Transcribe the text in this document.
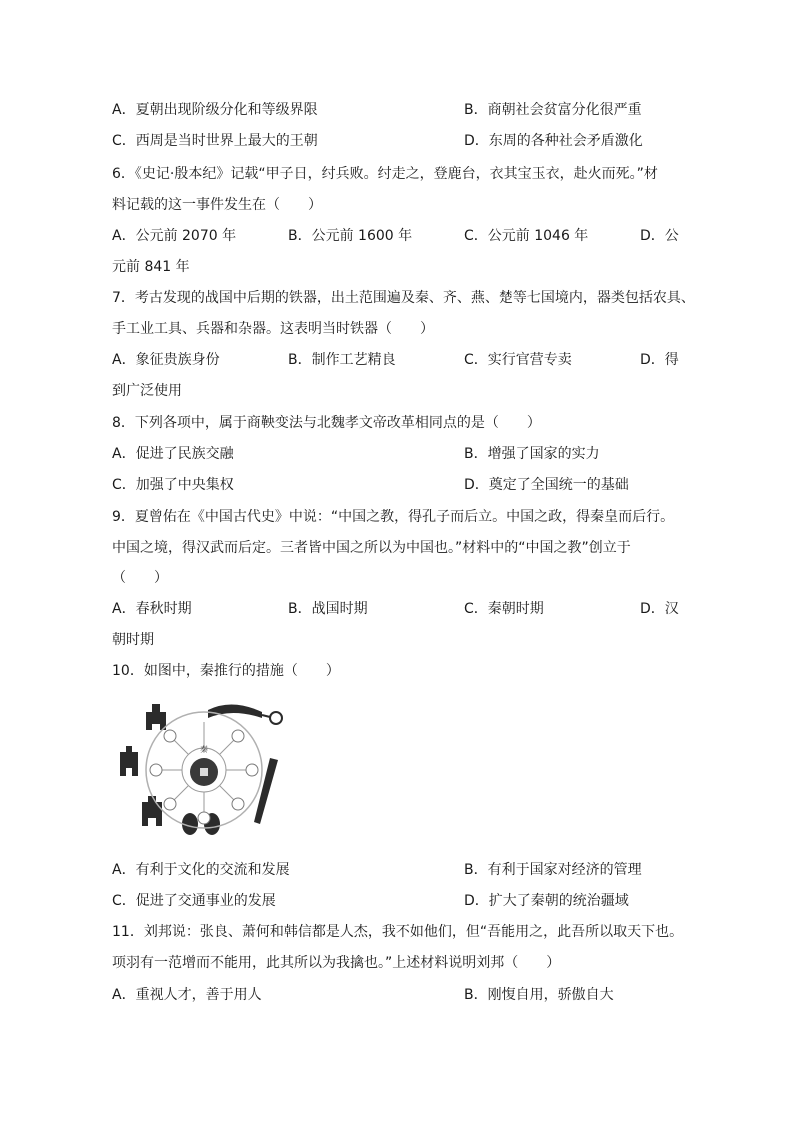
A．夏朝出现阶级分化和等级界限	B．商朝社会贫富分化很严重
C．西周是当时世界上最大的王朝	D．东周的各种社会矛盾激化
6．《史记·殷本纪》记载“甲子日，纣兵败。纣走之，登鹿台，衣其宝玉衣，赴火而死。”材
料记载的这一事件发生在（　　）
A．公元前 2070 年	B．公元前 1600 年	C．公元前 1046 年	D．公
元前 841 年
7．考古发现的战国中后期的铁器，出土范围遍及秦、齐、燕、楚等七国境内，器类包括农具、
手工业工具、兵器和杂器。这表明当时铁器（　　）
A．象征贵族身份	B．制作工艺精良	C．实行官营专卖	D．得
到广泛使用
8．下列各项中，属于商鞅变法与北魏孝文帝改革相同点的是（　　）
A．促进了民族交融	B．增强了国家的实力
C．加强了中央集权	D．奠定了全国统一的基础
9．夏曾佑在《中国古代史》中说：“中国之教，得孔子而后立。中国之政，得秦皇而后行。
中国之境，得汉武而后定。三者皆中国之所以为中国也。”材料中的“中国之教”创立于
（　　）
A．春秋时期	B．战国时期	C．秦朝时期	D．汉
朝时期
10．如图中，秦推行的措施（　　）
秦
A．有利于文化的交流和发展	B．有利于国家对经济的管理
C．促进了交通事业的发展	D．扩大了秦朝的统治疆域
11．刘邦说：张良、萧何和韩信都是人杰，我不如他们，但“吾能用之，此吾所以取天下也。
项羽有一范增而不能用，此其所以为我擒也。”上述材料说明刘邦（　　）
A．重视人才，善于用人	B．刚愎自用，骄傲自大
